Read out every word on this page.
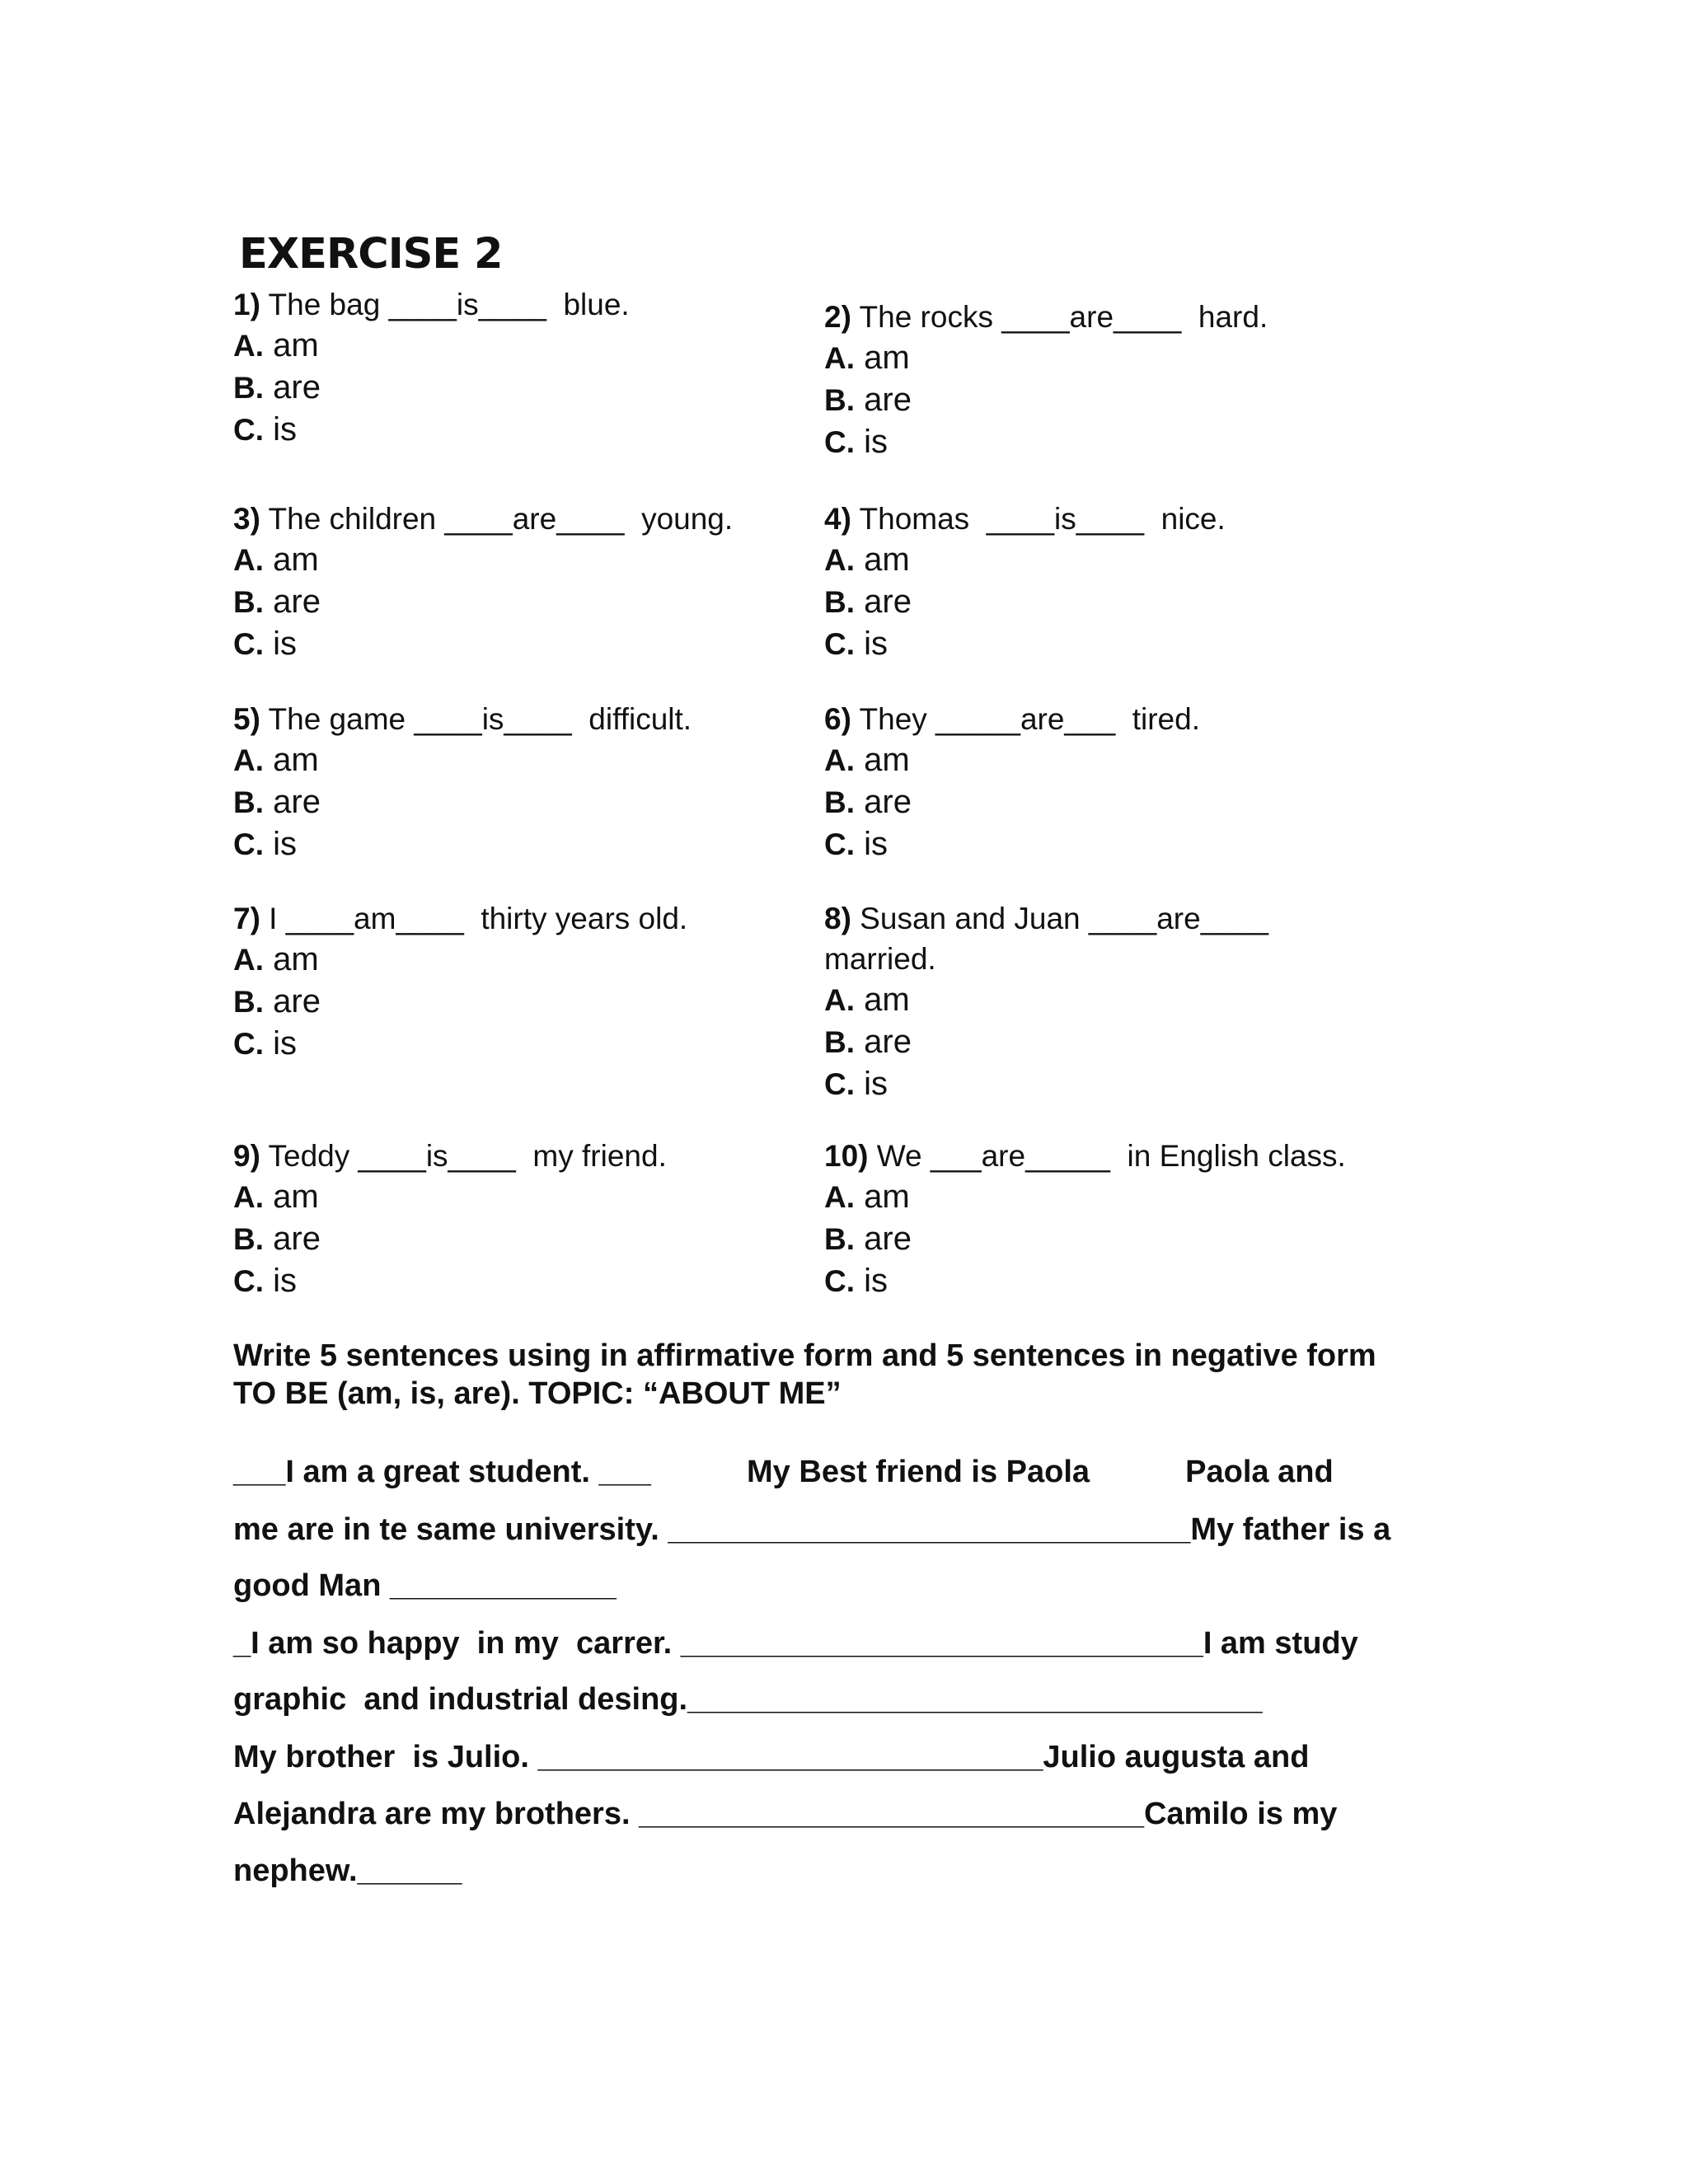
EXERCISE 2
1) The bag ____is____  blue.
A. am
B. are
C. is
2) The rocks ____are____  hard.
A. am
B. are
C. is
3) The children ____are____  young.
A. am
B. are
C. is
4) Thomas  ____is____  nice.
A. am
B. are
C. is
5) The game ____is____  difficult.
A. am
B. are
C. is
6) They _____are___  tired.
A. am
B. are
C. is
7) I ____am____  thirty years old.
A. am
B. are
C. is
8) Susan and Juan ____are____
married.
A. am
B. are
C. is
9) Teddy ____is____  my friend.
A. am
B. are
C. is
10) We ___are_____  in English class.
A. am
B. are
C. is
Write 5 sentences using in affirmative form and 5 sentences in negative form
TO BE (am, is, are). TOPIC: “ABOUT ME”
___I am a great student. ___           My Best friend is Paola           Paola and
me are in te same university. ______________________________My father is a
good Man _____________
_I am so happy  in my  carrer. ______________________________I am study
graphic  and industrial desing._________________________________
My brother  is Julio. _____________________________Julio augusta and
Alejandra are my brothers. _____________________________Camilo is my
nephew.______
